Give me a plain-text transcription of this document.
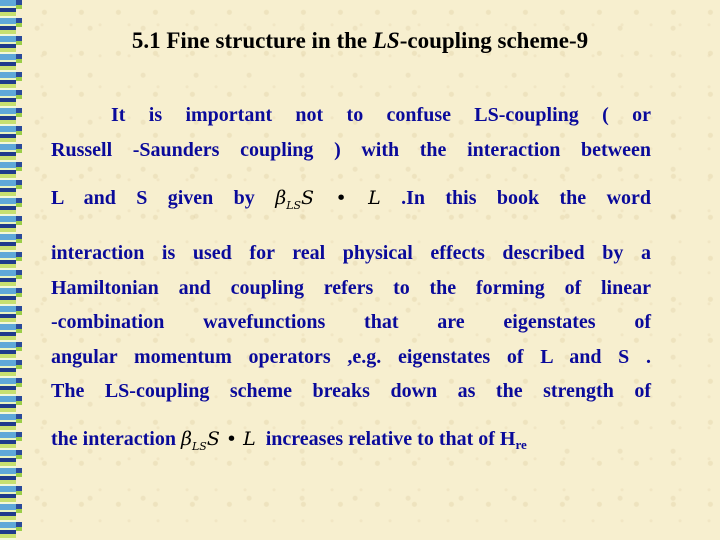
5.1 Fine structure in the LS-coupling scheme-9
It is important not to confuse LS-coupling ( or
Russell -Saunders coupling ) with the interaction between
L and S given by $\beta_{LS}S$ • L .In this book the word
interaction is used for real physical effects described by a
Hamiltonian and coupling refers to the forming of linear
-combination wavefunctions that are eigenstates of
angular momentum operators ,e.g. eigenstates of L and S .
The LS-coupling scheme breaks down as the strength of
the interaction $\beta_{LS}S$ • L increases relative to that of $H_{re}$
